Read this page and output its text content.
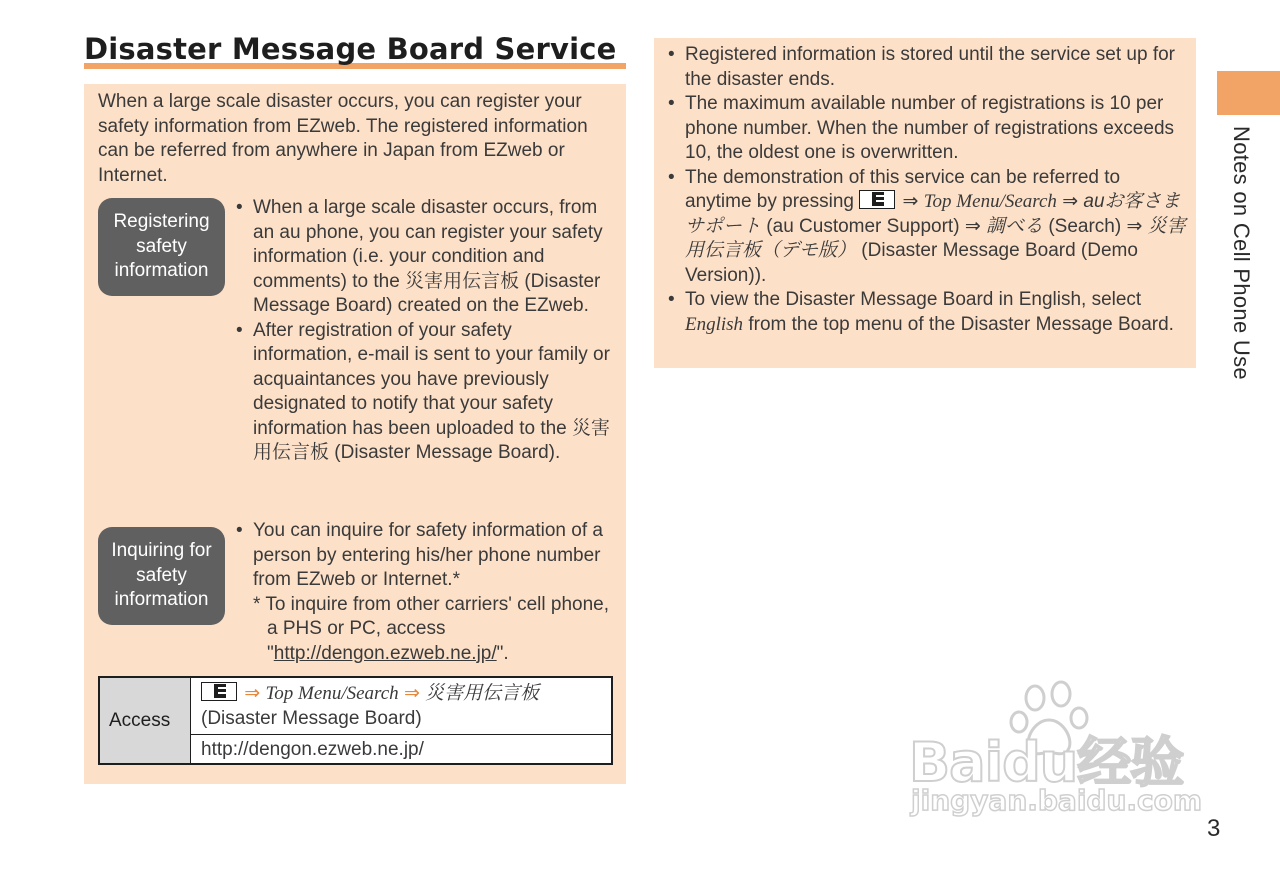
Disaster Message Board Service

When a large scale disaster occurs, you can register your safety information from EZweb. The registered information can be referred from anywhere in Japan from EZweb or Internet.

Registering safety information
• When a large scale disaster occurs, from an au phone, you can register your safety information (i.e. your condition and comments) to the 災害用伝言板 (Disaster Message Board) created on the EZweb.
• After registration of your safety information, e-mail is sent to your family or acquaintances you have previously designated to notify that your safety information has been uploaded to the 災害用伝言板 (Disaster Message Board).
Inquiring for safety information
• You can inquire for safety information of a person by entering his/her phone number from EZweb or Internet.*
* To inquire from other carriers' cell phone, a PHS or PC, access "http://dengon.ezweb.ne.jp/".
Access
⇒ Top Menu/Search ⇒ 災害用伝言板
(Disaster Message Board)
http://dengon.ezweb.ne.jp/
• Registered information is stored until the service set up for the disaster ends.
• The maximum available number of registrations is 10 per phone number. When the number of registrations exceeds 10, the oldest one is overwritten.
• The demonstration of this service can be referred to anytime by pressing
⇒ Top Menu/Search ⇒ auお客さまサポート (au Customer Support) ⇒ 調べる (Search) ⇒ 災害用伝言板（デモ版） (Disaster Message Board (Demo Version)).
• To view the Disaster Message Board in English, select English from the top menu of the Disaster Message Board.	Notes on Cell Phone Use
Baidu经验
jingyan.baidu.com
3
